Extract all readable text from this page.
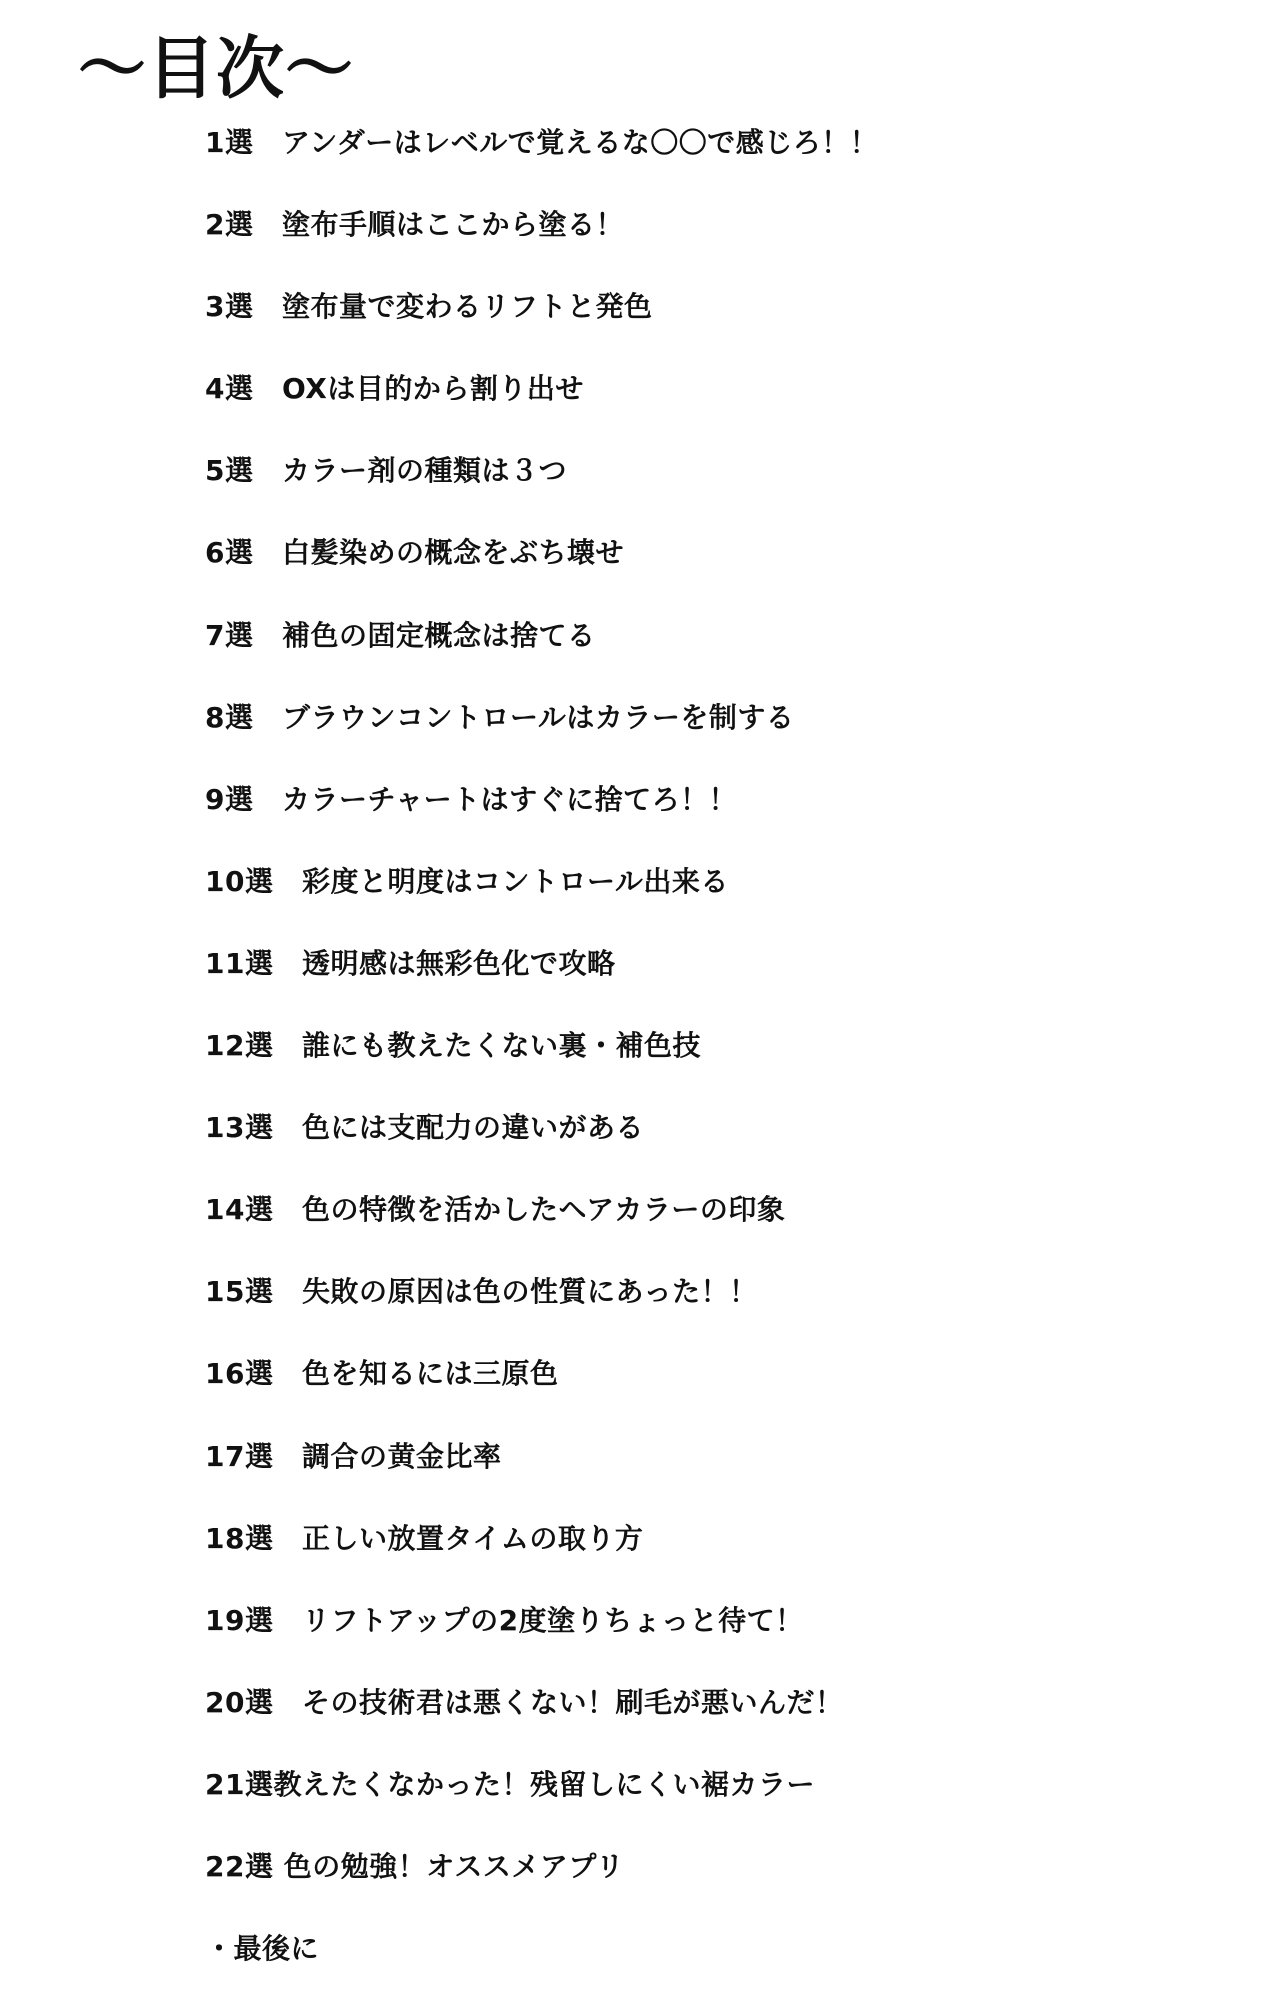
〜目次〜
1選　アンダーはレベルで覚えるな〇〇で感じろ！！
2選　塗布手順はここから塗る！
3選　塗布量で変わるリフトと発色
4選　OXは目的から割り出せ
5選　カラー剤の種類は３つ
6選　白髪染めの概念をぶち壊せ
7選　補色の固定概念は捨てる
8選　ブラウンコントロールはカラーを制する
9選　カラーチャートはすぐに捨てろ！！
10選　彩度と明度はコントロール出来る
11選　透明感は無彩色化で攻略
12選　誰にも教えたくない裏・補色技
13選　色には支配力の違いがある
14選　色の特徴を活かしたヘアカラーの印象
15選　失敗の原因は色の性質にあった！！
16選　色を知るには三原色
17選　調合の黄金比率
18選　正しい放置タイムの取り方
19選　リフトアップの2度塗りちょっと待て！
20選　その技術君は悪くない！刷毛が悪いんだ！
21選教えたくなかった！残留しにくい裾カラー
22選 色の勉強！オススメアプリ
・最後に
